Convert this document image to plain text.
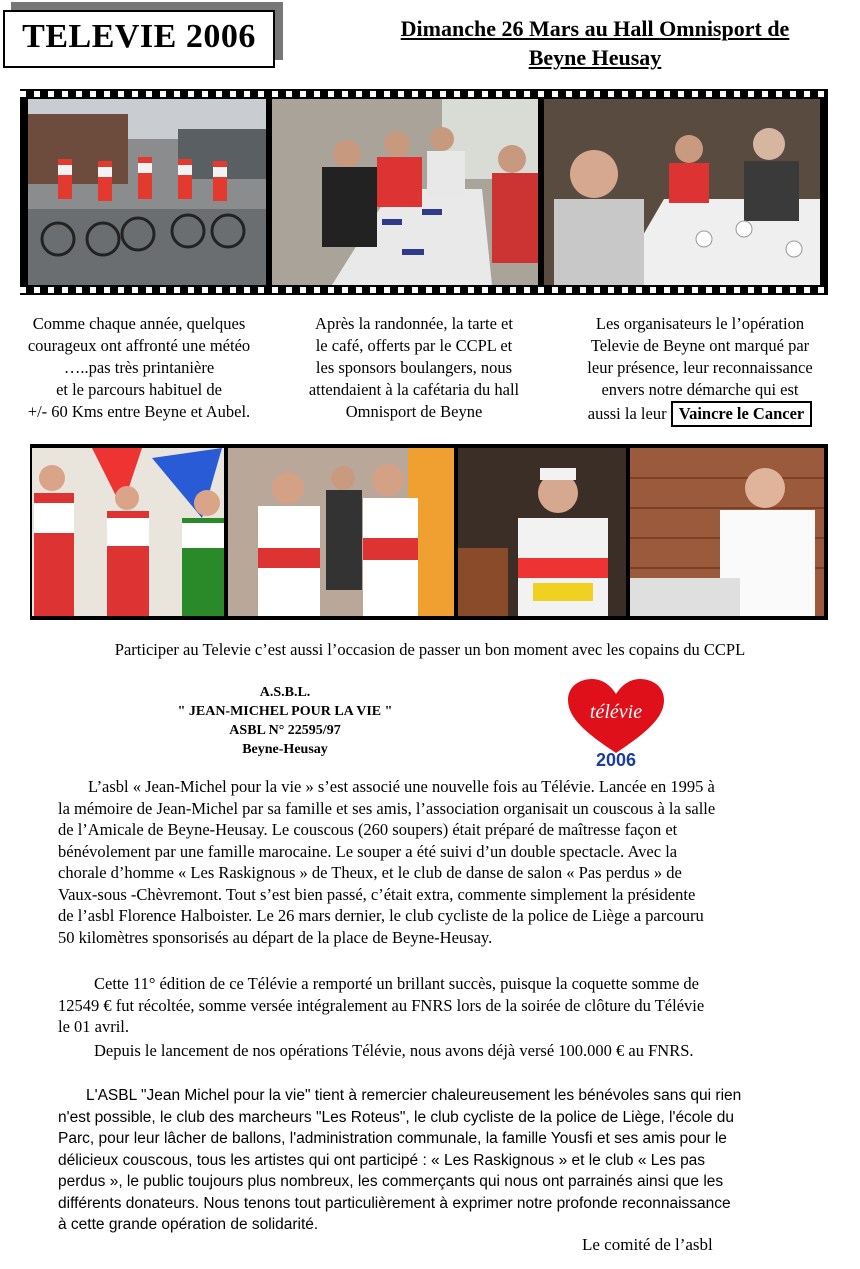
TELEVIE 2006	Dimanche 26 Mars au Hall Omnisport de
Beyne Heusay
Comme chaque année, quelques
courageux ont affronté une météo
…..pas très printanière
et le parcours habituel de
+/- 60 Kms entre Beyne et Aubel.
Après la randonnée, la tarte et
le café, offerts par le CCPL et
les sponsors boulangers, nous
attendaient à la cafétaria du hall
Omnisport de Beyne
Les organisateurs le l’opération
Televie de Beyne ont marqué par
leur présence, leur reconnaissance
envers notre démarche qui est
aussi la leur Vaincre le Cancer
Participer au Televie c’est aussi l’occasion de passer un bon moment avec les copains du CCPL
A.S.B.L.
" JEAN-MICHEL POUR LA VIE "
ASBL N° 22595/97
Beyne-Heusay
télévie
2006
L’asbl « Jean-Michel pour la vie » s’est associé une nouvelle fois au Télévie. Lancée en 1995 à
la mémoire de Jean-Michel par sa famille et ses amis, l’association organisait un couscous à la salle
de l’Amicale de Beyne-Heusay. Le couscous (260 soupers) était préparé de maîtresse façon et
bénévolement par une famille marocaine. Le souper a été suivi d’un double spectacle. Avec la
chorale d’homme « Les Raskignous » de Theux, et le club de danse de salon « Pas perdus » de
Vaux-sous -Chèvremont. Tout s’est bien passé, c’était extra, commente simplement la présidente
de l’asbl Florence Halboister. Le 26 mars dernier, le club cycliste de la police de Liège a parcouru
50 kilomètres sponsorisés au départ de la place de Beyne-Heusay.
Cette 11° édition de ce Télévie a remporté un brillant succès, puisque la coquette somme de
12549 € fut récoltée, somme versée intégralement au FNRS lors de la soirée de clôture du Télévie
le 01 avril.
Depuis le lancement de nos opérations Télévie, nous avons déjà versé 100.000 € au FNRS.
L'ASBL "Jean Michel pour la vie" tient à remercier chaleureusement les bénévoles sans qui rien
n'est possible, le club des marcheurs "Les Roteus", le club cycliste de la police de Liège, l'école du
Parc, pour leur lâcher de ballons, l'administration communale, la famille Yousfi et ses amis pour le
délicieux couscous, tous les artistes qui ont participé : « Les Raskignous » et le club « Les pas
perdus », le public toujours plus nombreux, les commerçants qui nous ont parrainés ainsi que les
différents donateurs. Nous tenons tout particulièrement à exprimer notre profonde reconnaissance
à cette grande opération de solidarité.
Le comité de l’asbl
